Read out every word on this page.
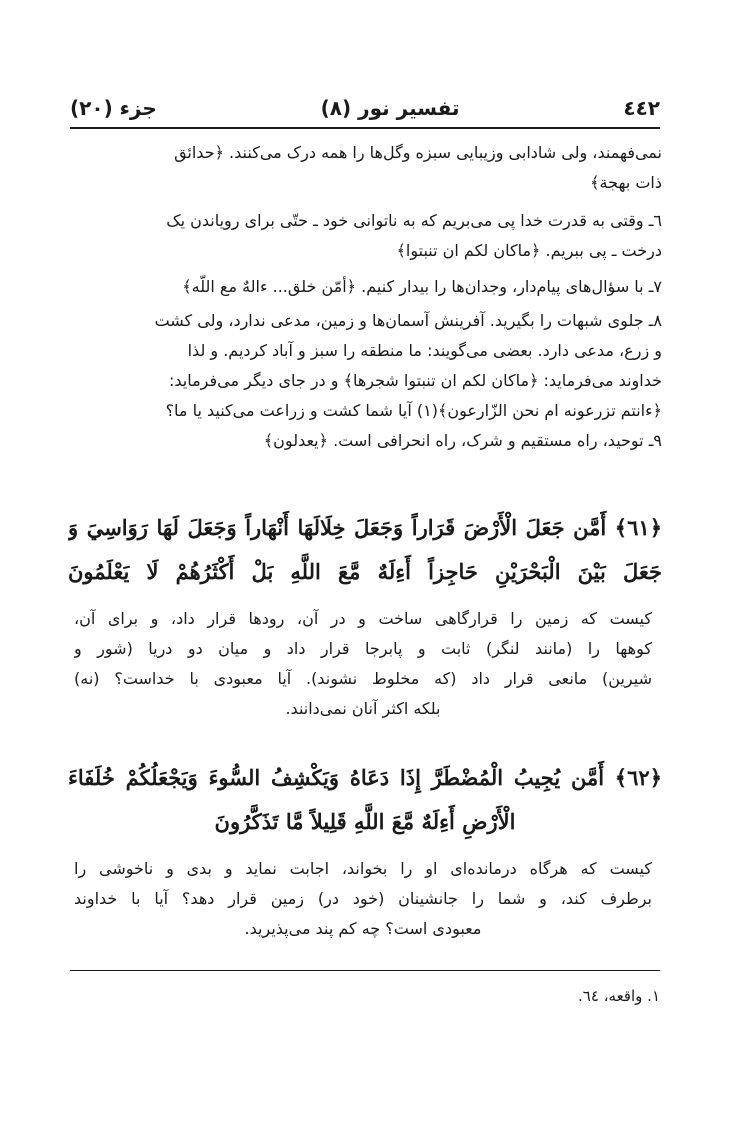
٤٤٢
تفسیر نور (٨)
جزء (٢٠)
نمی‌فهمند، ولی شادابی وزیبایی سبزه وگل‌ها را همه درک می‌کنند. ﴿حدائق
ذات بهجة﴾
٦ـ وقتی به قدرت خدا پی می‌بریم که به ناتوانی خود ـ حتّی برای رویاندن یک
درخت ـ پی ببریم. ﴿ماکان لکم ان تنبتوا﴾
٧ـ با سؤال‌های پیام‌دار، وجدان‌ها را بیدار کنیم. ﴿أمّن خلق... ءالهٌ مع اللّه﴾
٨ـ جلوی شبهات را بگیرید. آفرینش آسمان‌ها و زمین، مدعی ندارد، ولی کشت
و زرع، مدعی دارد. بعضی می‌گویند: ما منطقه را سبز و آباد کردیم. و لذا
خداوند می‌فرماید: ﴿ماکان لکم ان تنبتوا شجرها﴾ و در جای دیگر می‌فرماید:
﴿ءانتم تزرعونه ام نحن الزّارعون﴾(١) آیا شما کشت و زراعت می‌کنید یا ما؟
٩ـ توحید، راه مستقیم و شرک، راه انحرافی است. ﴿یعدلون﴾
﴿٦١﴾ أَمَّن جَعَلَ الْأَرْضَ قَرَاراً وَجَعَلَ خِلَالَهَا أَنْهَاراً وَجَعَلَ لَهَا رَوَاسِيَ وَ
جَعَلَ بَيْنَ الْبَحْرَيْنِ حَاجِزاً أَءِلَهٌ مَّعَ اللَّهِ بَلْ أَكْثَرُهُمْ لَا يَعْلَمُونَ
کیست که زمین را قرارگاهی ساخت و در آن، رودها قرار داد، و برای آن،
کوهها را (مانند لنگر) ثابت و پابرجا قرار داد و میان دو دریا (شور و
شیرین) مانعی قرار داد (که مخلوط نشوند). آیا معبودی با خداست؟ (نه)
بلکه اکثر آنان نمی‌دانند.
﴿٦٢﴾ أَمَّن يُجِيبُ الْمُضْطَرَّ إِذَا دَعَاهُ وَيَكْشِفُ السُّوءَ وَيَجْعَلُكُمْ خُلَفَاءَ
الْأَرْضِ أَءِلَهٌ مَّعَ اللَّهِ قَلِيلاً مَّا تَذَكَّرُونَ
کیست که هرگاه درمانده‌ای او را بخواند، اجابت نماید و بدی و ناخوشی را
برطرف کند، و شما را جانشینان (خود در) زمین قرار دهد؟ آیا با خداوند
معبودی است؟ چه کم پند می‌پذیرید.
١. واقعه، ٦٤.
